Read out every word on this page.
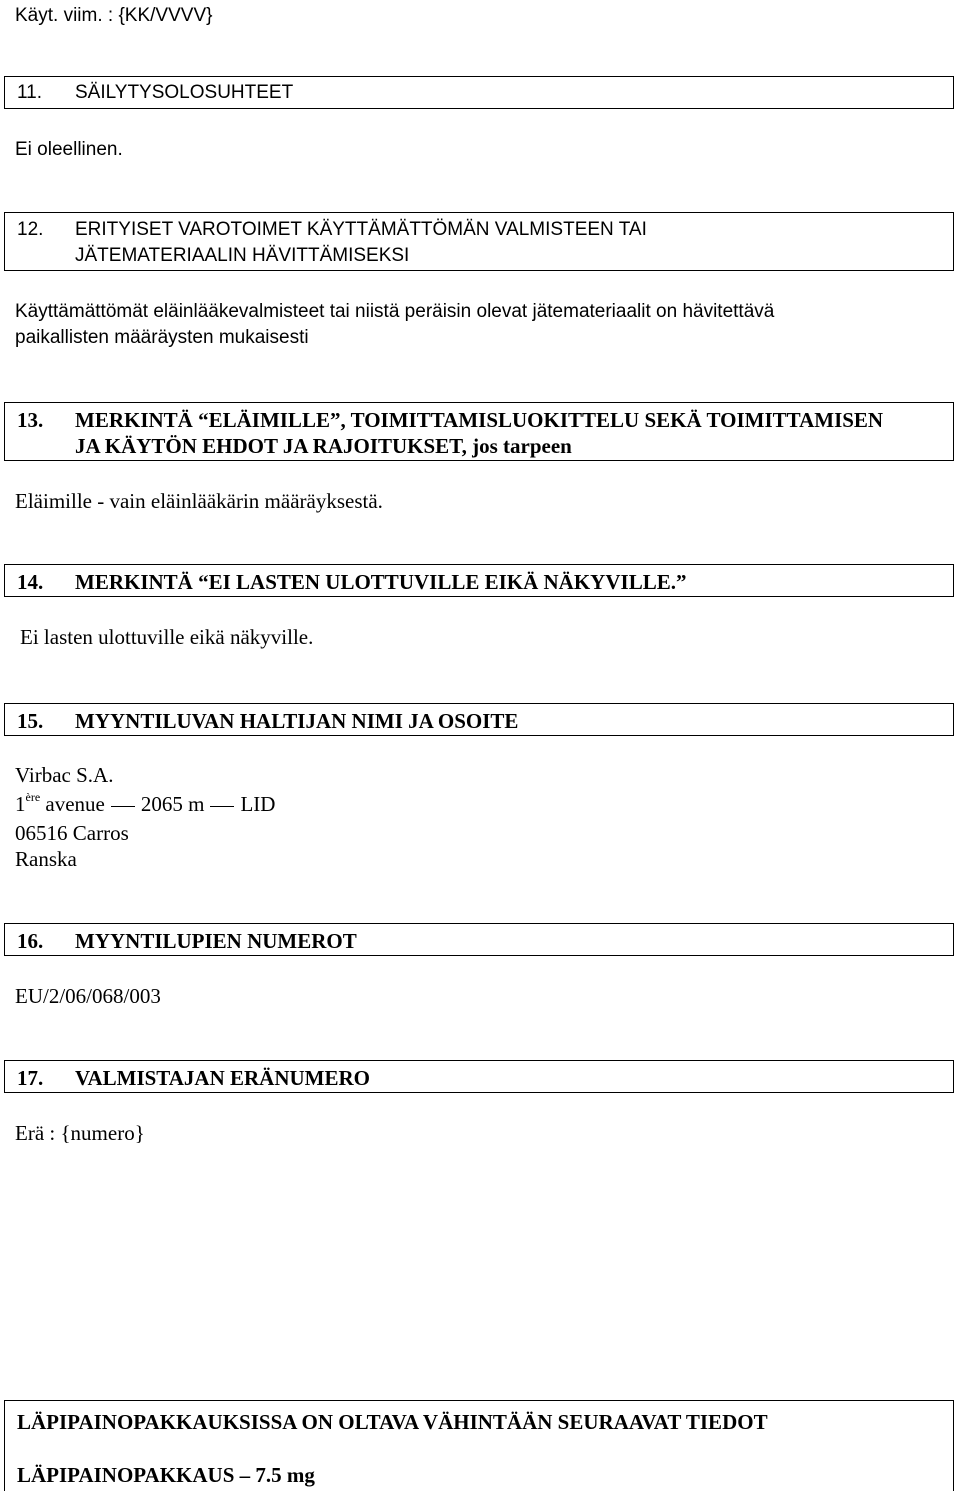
Käyt. viim. : {KK/VVVV}
11. SÄILYTYSOLOSUHTEET
Ei oleellinen.
12. ERITYISET VAROTOIMET KÄYTTÄMÄTTÖMÄN VALMISTEEN TAI
JÄTEMATERIAALIN HÄVITTÄMISEKSI
Käyttämättömät eläinlääkevalmisteet tai niistä peräisin olevat jätemateriaalit on hävitettävä
paikallisten määräysten mukaisesti
13. MERKINTÄ “ELÄIMILLE”, TOIMITTAMISLUOKITTELU SEKÄ TOIMITTAMISEN
JA KÄYTÖN EHDOT JA RAJOITUKSET, jos tarpeen
Eläimille - vain eläinlääkärin määräyksestä.
14. MERKINTÄ “EI LASTEN ULOTTUVILLE EIKÄ NÄKYVILLE.”
Ei lasten ulottuville eikä näkyville.
15. MYYNTILUVAN HALTIJAN NIMI JA OSOITE
Virbac S.A.
1ère avenue 2065 m LID
06516 Carros
Ranska
16. MYYNTILUPIEN NUMEROT
EU/2/06/068/003
17. VALMISTAJAN ERÄNUMERO
Erä : {numero}
LÄPIPAINOPAKKAUKSISSA ON OLTAVA VÄHINTÄÄN SEURAAVAT TIEDOT
LÄPIPAINOPAKKAUS – 7.5 mg
